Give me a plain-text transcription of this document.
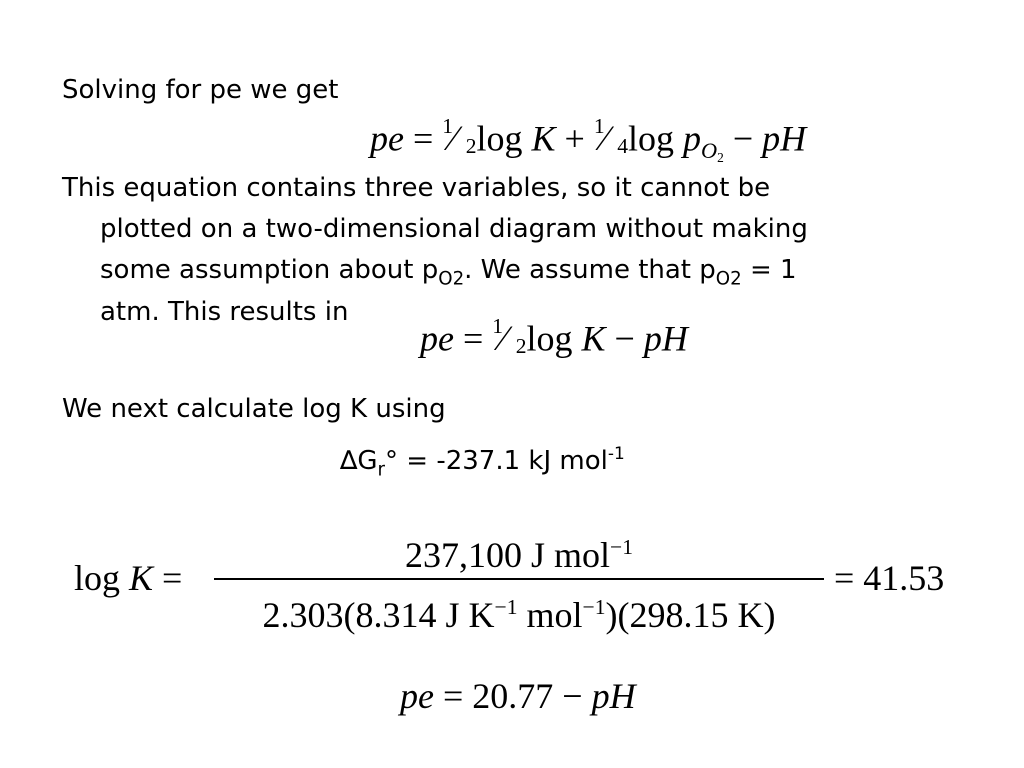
Solving for pe we get
pe = 1
⁄ 2 log K + 1
⁄ 4 $\log p_{O2}$ − pH
This equation contains three variables, so it cannot be
plotted on a two-dimensional diagram without making
some assumption about $p_{O2}$. We assume that $p_{O2} = 1$
atm. This results in
pe = 1
⁄ 2 log K − pH
We next calculate log K using
$\Delta G_r^\circ = -237.1$ kJ mol$^{-1}$
log K =
237,100 J mol$^{-1}$
2.303(8.314 J $K^{-1}$ mol$^{-1}$)(298.15 K)
= 41.53
pe = 20.77 − pH
